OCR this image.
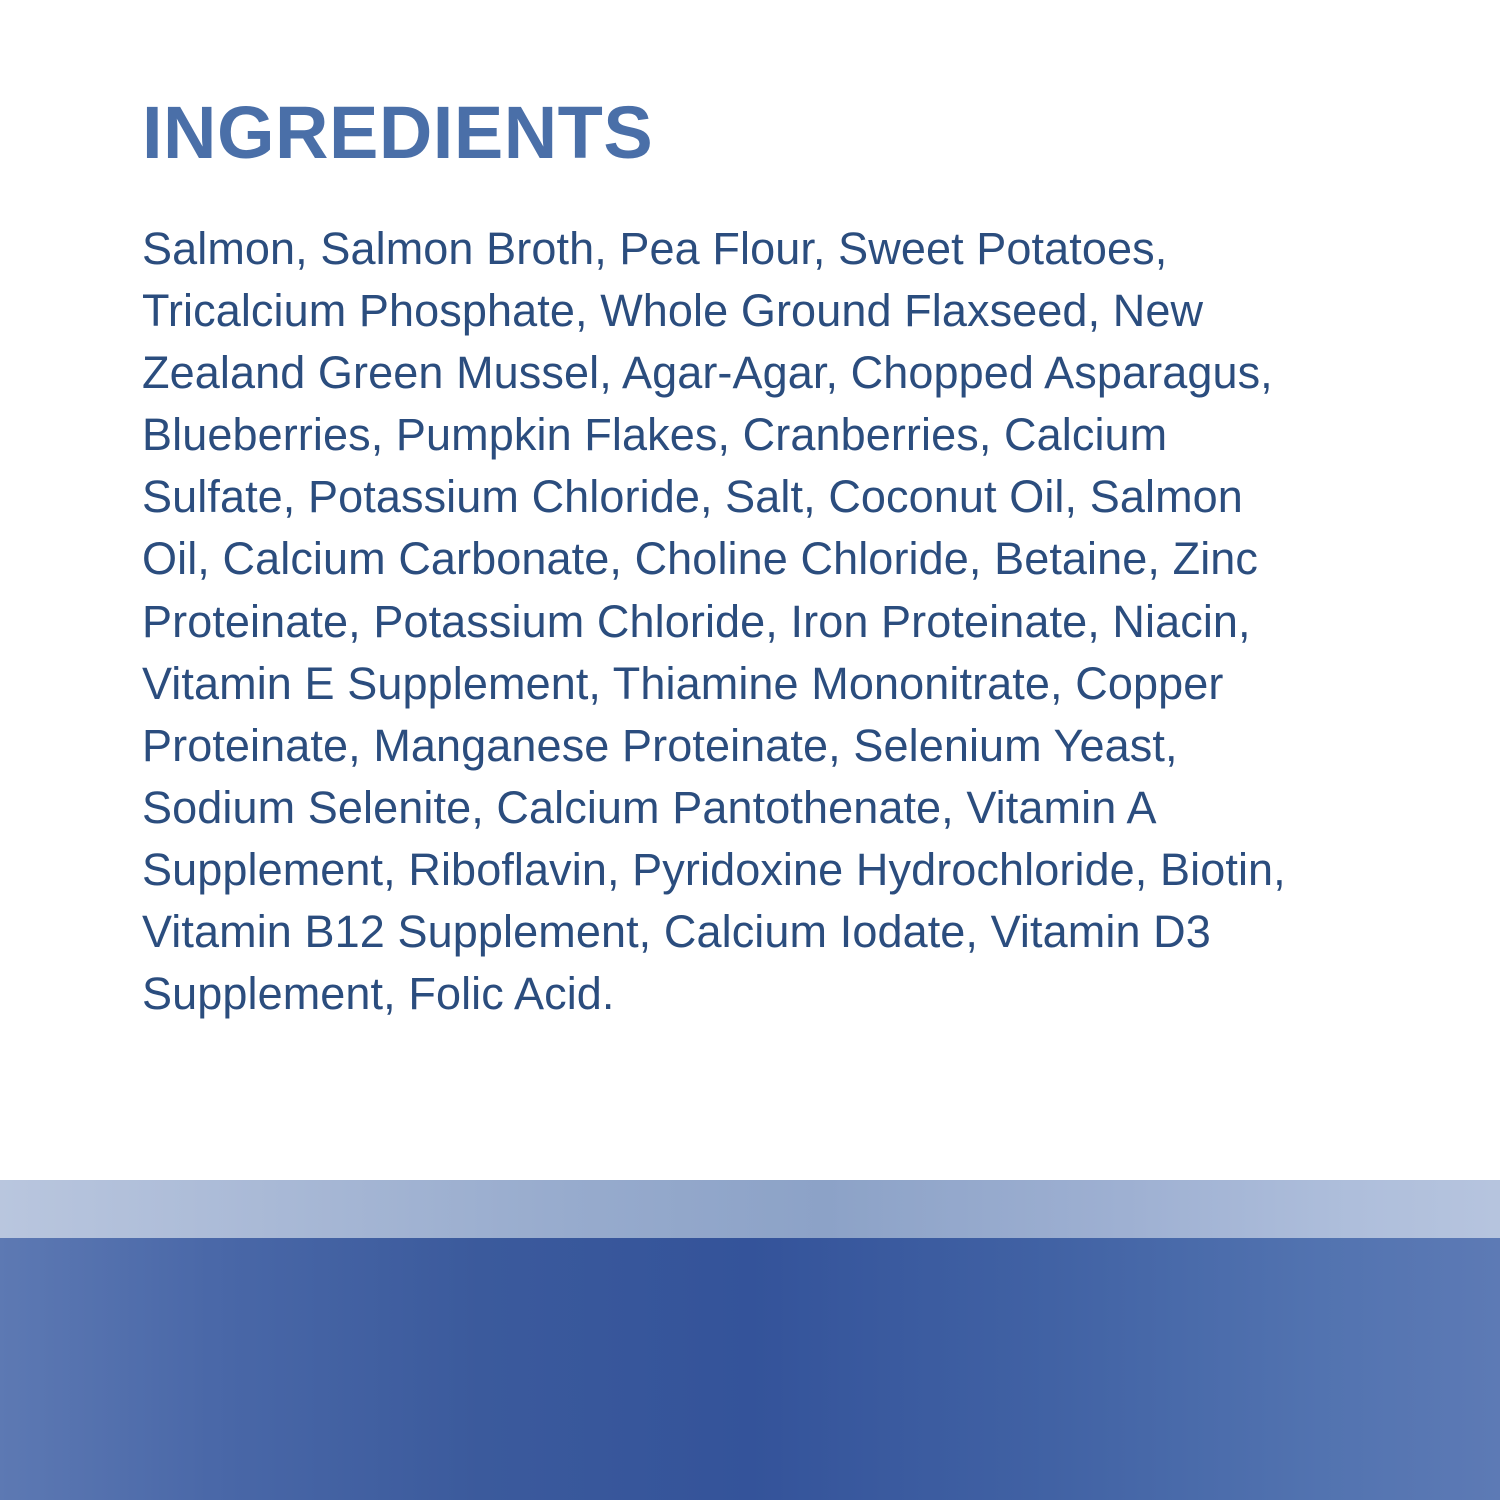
INGREDIENTS

Salmon, Salmon Broth, Pea Flour, Sweet Potatoes, Tricalcium Phosphate, Whole Ground Flaxseed, New Zealand Green Mussel, Agar-Agar, Chopped Asparagus, Blueberries, Pumpkin Flakes, Cranberries, Calcium Sulfate, Potassium Chloride, Salt, Coconut Oil, Salmon Oil, Calcium Carbonate, Choline Chloride, Betaine, Zinc Proteinate, Potassium Chloride, Iron Proteinate, Niacin, Vitamin E Supplement, Thiamine Mononitrate, Copper Proteinate, Manganese Proteinate, Selenium Yeast, Sodium Selenite, Calcium Pantothenate, Vitamin A Supplement, Riboflavin, Pyridoxine Hydrochloride, Biotin, Vitamin B12 Supplement, Calcium Iodate, Vitamin D3 Supplement, Folic Acid.
